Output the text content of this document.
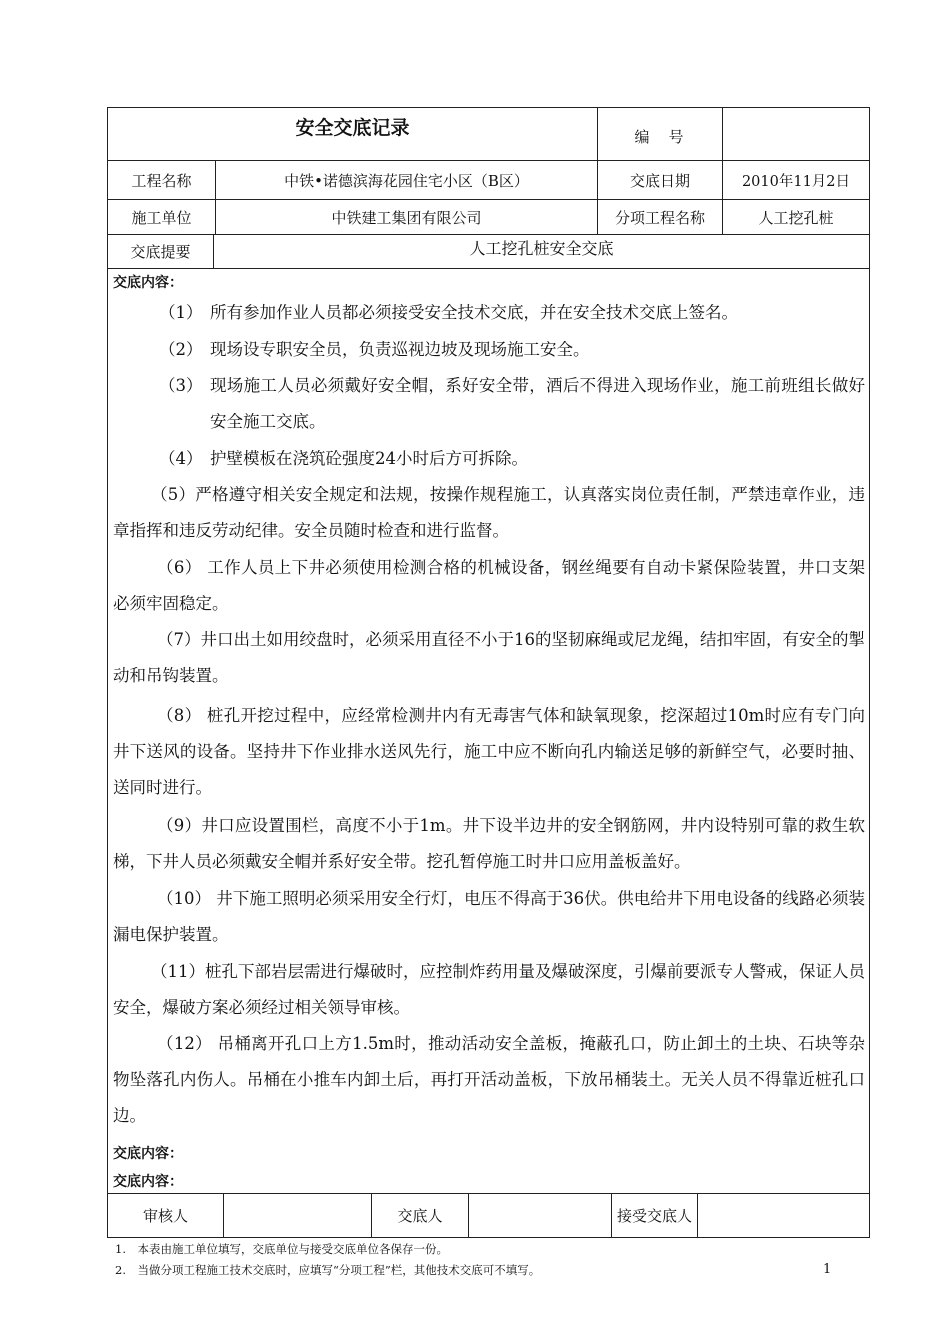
安全交底记录	编　号
工程名称	中铁•诺德滨海花园住宅小区（B区）	交底日期	2010年11月2日
施工单位	中铁建工集团有限公司	分项工程名称	人工挖孔桩
交底提要	人工挖孔桩安全交底
交底内容：
（1） 所有参加作业人员都必须接受安全技术交底，并在安全技术交底上签名。
（2） 现场设专职安全员，负责巡视边坡及现场施工安全。
（3） 现场施工人员必须戴好安全帽，系好安全带，酒后不得进入现场作业，施工前班组长做好安全施工交底。
（4） 护壁模板在浇筑砼强度24小时后方可拆除。
（5）严格遵守相关安全规定和法规，按操作规程施工，认真落实岗位责任制，严禁违章作业，违章指挥和违反劳动纪律。安全员随时检查和进行监督。
（6） 工作人员上下井必须使用检测合格的机械设备，钢丝绳要有自动卡紧保险装置，井口支架必须牢固稳定。
（7）井口出土如用绞盘时，必须采用直径不小于16的坚韧麻绳或尼龙绳，结扣牢固，有安全的掣动和吊钩装置。
（8） 桩孔开挖过程中，应经常检测井内有无毒害气体和缺氧现象，挖深超过10m时应有专门向井下送风的设备。坚持井下作业排水送风先行，施工中应不断向孔内输送足够的新鲜空气，必要时抽、送同时进行。
（9）井口应设置围栏，高度不小于1m。井下设半边井的安全钢筋网，井内设特别可靠的救生软梯，下井人员必须戴安全帽并系好安全带。挖孔暂停施工时井口应用盖板盖好。
（10） 井下施工照明必须采用安全行灯，电压不得高于36伏。供电给井下用电设备的线路必须装漏电保护装置。
（11）桩孔下部岩层需进行爆破时，应控制炸药用量及爆破深度，引爆前要派专人警戒，保证人员安全，爆破方案必须经过相关领导审核。
（12） 吊桶离开孔口上方1.5m时，推动活动安全盖板，掩蔽孔口，防止卸土的土块、石块等杂物坠落孔内伤人。吊桶在小推车内卸土后，再打开活动盖板，下放吊桶装土。无关人员不得靠近桩孔口边。
交底内容：
交底内容：
审核人	交底人	接受交底人
1.　本表由施工单位填写，交底单位与接受交底单位各保存一份。
2.　当做分项工程施工技术交底时，应填写“分项工程”栏，其他技术交底可不填写。	1
